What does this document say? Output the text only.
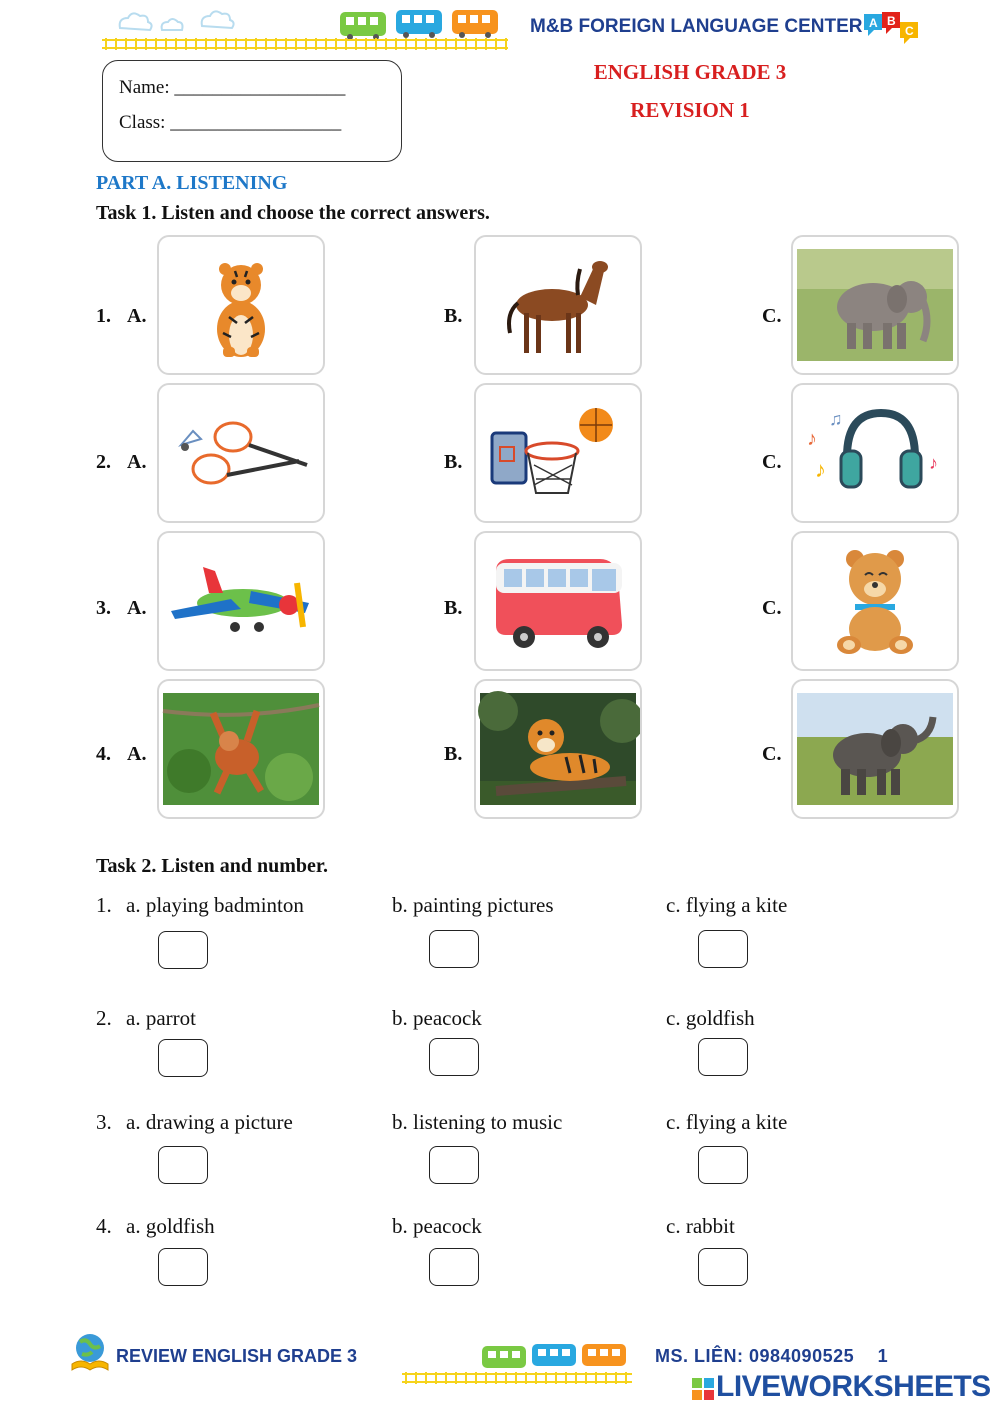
M&B FOREIGN LANGUAGE CENTER A B
C
ENGLISH GRADE 3
REVISION 1
Name: __________________
Class: __________________
PART A. LISTENING
Task 1. Listen and choose the correct answers.
1. A.	B.	C.
2. A.	B.	C.
♪
♫
♪	♪
3. A.	B.	C.
4. A.	B.	C.
Task 2. Listen and number.
1. a. playing badminton	b. painting pictures	c. flying a kite
2. a. parrot	b. peacock	c. goldfish
3. a. drawing a picture	b. listening to music	c. flying a kite
4. a. goldfish	b. peacock	c. rabbit
REVIEW ENGLISH GRADE 3	MS. LIÊN: 0984090525 1
LIVEWORKSHEETS
